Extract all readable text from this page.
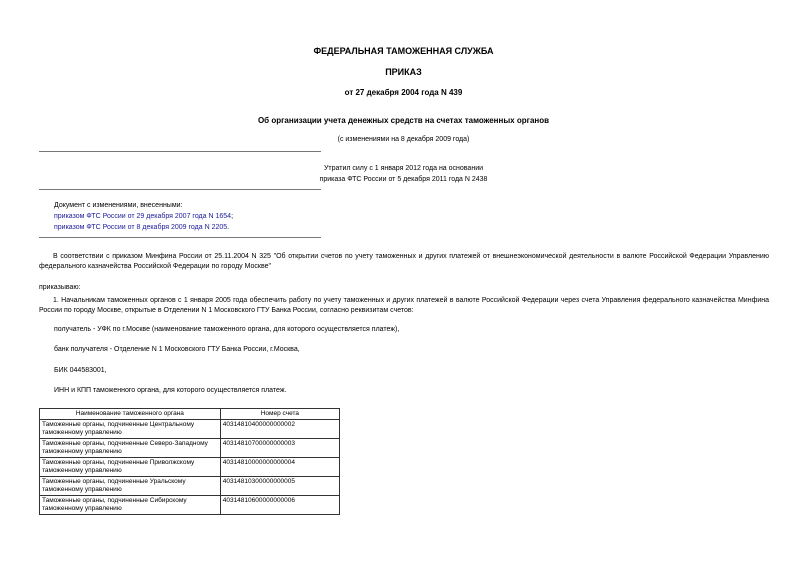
ФЕДЕРАЛЬНАЯ ТАМОЖЕННАЯ СЛУЖБА
ПРИКАЗ
от 27 декабря 2004 года N 439
Об организации учета денежных средств на счетах таможенных органов
(с изменениями на 8 декабря 2009 года)
Утратил силу с 1 января 2012 года на основании
приказа ФТС России от 5 декабря 2011 года N 2438
Документ с изменениями, внесенными:
приказом ФТС России от 29 декабря 2007 года N 1654;
приказом ФТС России от 8 декабря 2009 года N 2205.
В соответствии с приказом Минфина России от 25.11.2004 N 325 "Об открытии счетов по учету таможенных и других платежей от внешнеэкономической деятельности в валюте Российской Федерации Управлению федерального казначейства Российской Федерации по городу Москве"
приказываю:
1. Начальникам таможенных органов с 1 января 2005 года обеспечить работу по учету таможенных и других платежей в валюте Российской Федерации через счета Управления федерального казначейства Минфина России по городу Москве, открытые в Отделении N 1 Московского ГТУ Банка России, согласно реквизитам счетов:
получатель - УФК по г.Москве (наименование таможенного органа, для которого осуществляется платеж),
банк получателя - Отделение N 1 Московского ГТУ Банка России, г.Москва,
БИК 044583001,
ИНН и КПП таможенного органа, для которого осуществляется платеж.
Наименование таможенного органа	Номер счета
Таможенные органы, подчиненные Центральному таможенному управлению	40314810400000000002
Таможенные органы, подчиненные Северо-Западному таможенному управлению	40314810700000000003
Таможенные органы, подчиненные Приволжскому таможенному управлению	40314810000000000004
Таможенные органы, подчиненные Уральскому таможенному управлению	40314810300000000005
Таможенные органы, подчиненные Сибирскому таможенному управлению	40314810600000000006
